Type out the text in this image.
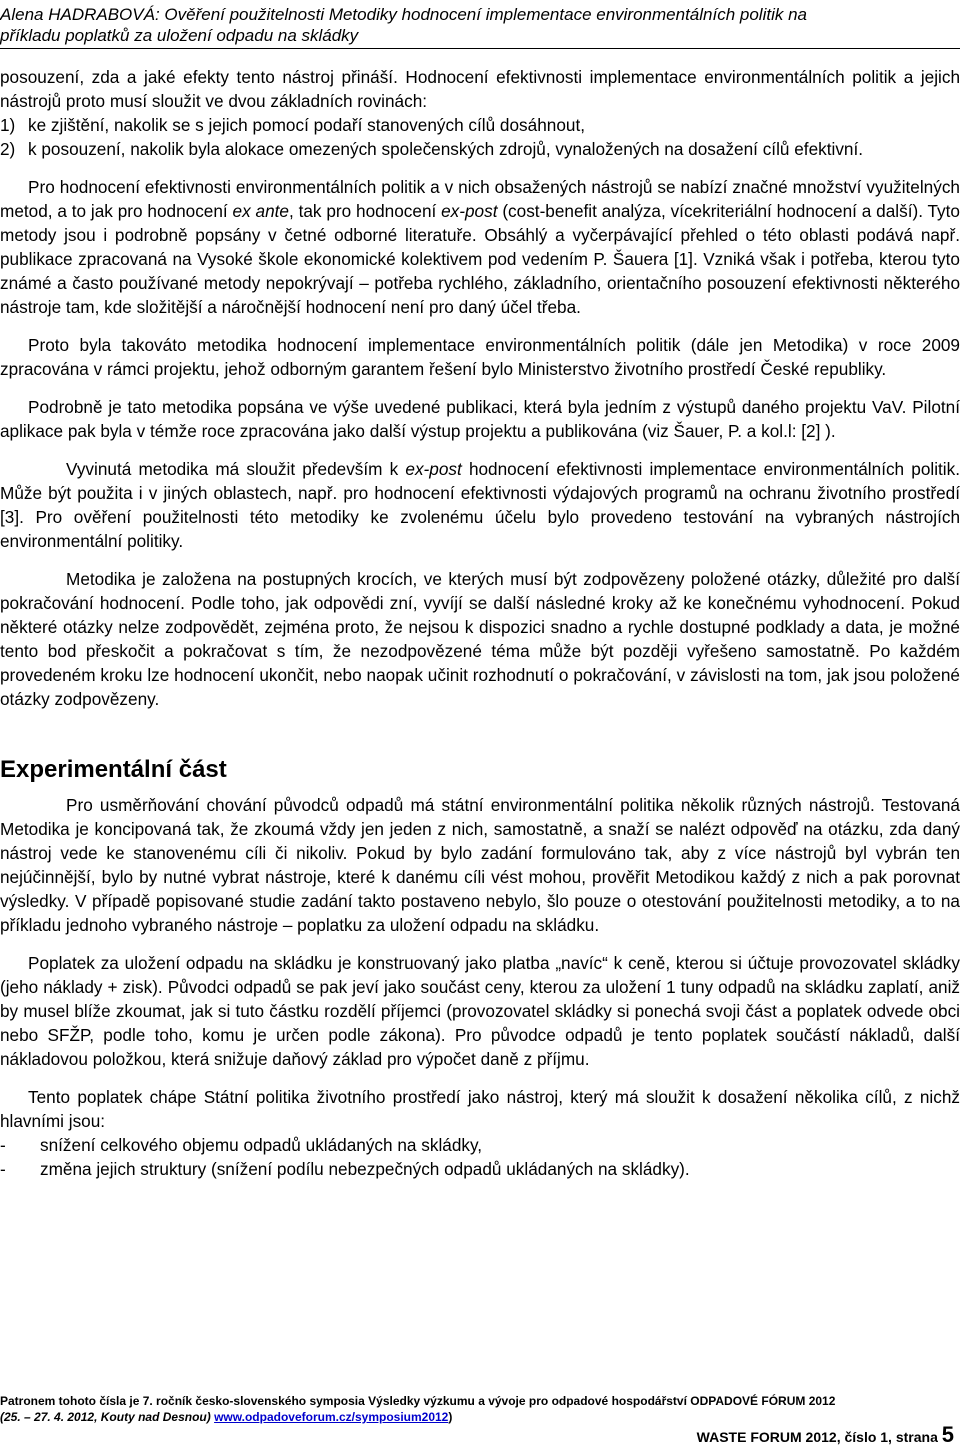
Alena HADRABOVÁ: Ověření použitelnosti Metodiky hodnocení implementace environmentálních politik na
příkladu poplatků za uložení odpadu na skládky

posouzení, zda a jaké efekty tento nástroj přináší. Hodnocení efektivnosti implementace environmentálních politik a jejich nástrojů proto musí sloužit ve dvou základních rovinách:

1) ke zjištění, nakolik se s jejich pomocí podaří stanovených cílů dosáhnout,
2) k posouzení, nakolik byla alokace omezených společenských zdrojů, vynaložených na dosažení cílů efektivní.

Pro hodnocení efektivnosti environmentálních politik a v nich obsažených nástrojů se nabízí značné množství využitelných metod, a to jak pro hodnocení ex ante, tak pro hodnocení ex-post (cost-benefit analýza, vícekriteriální hodnocení a další). Tyto metody jsou i podrobně popsány v četné odborné literatuře. Obsáhlý a vyčerpávající přehled o této oblasti podává např. publikace zpracovaná na Vysoké škole ekonomické kolektivem pod vedením P. Šauera [1]. Vzniká však i potřeba, kterou tyto známé a často používané metody nepokrývají – potřeba rychlého, základního, orientačního posouzení efektivnosti některého nástroje tam, kde složitější a náročnější hodnocení není pro daný účel třeba.

Proto byla takováto metodika hodnocení implementace environmentálních politik (dále jen Metodika) v roce 2009 zpracována v rámci projektu, jehož odborným garantem řešení bylo Ministerstvo životního prostředí České republiky.

Podrobně je tato metodika popsána ve výše uvedené publikaci, která byla jedním z výstupů daného projektu VaV. Pilotní aplikace pak byla v témže roce zpracována jako další výstup projektu a publikována (viz Šauer, P. a kol.l: [2] ).

Vyvinutá metodika má sloužit především k ex-post hodnocení efektivnosti implementace environmentálních politik. Může být použita i v jiných oblastech, např. pro hodnocení efektivnosti výdajových programů na ochranu životního prostředí [3]. Pro ověření použitelnosti této metodiky ke zvolenému účelu bylo provedeno testování na vybraných nástrojích environmentální politiky.

Metodika je založena na postupných krocích, ve kterých musí být zodpovězeny položené otázky, důležité pro další pokračování hodnocení. Podle toho, jak odpovědi zní, vyvíjí se další následné kroky až ke konečnému vyhodnocení. Pokud některé otázky nelze zodpovědět, zejména proto, že nejsou k dispozici snadno a rychle dostupné podklady a data, je možné tento bod přeskočit a pokračovat s tím, že nezodpovězené téma může být později vyřešeno samostatně. Po každém provedeném kroku lze hodnocení ukončit, nebo naopak učinit rozhodnutí o pokračování, v závislosti na tom, jak jsou položené otázky zodpovězeny.

Experimentální část

Pro usměrňování chování původců odpadů má státní environmentální politika několik různých nástrojů. Testovaná Metodika je koncipovaná tak, že zkoumá vždy jen jeden z nich, samostatně, a snaží se nalézt odpověď na otázku, zda daný nástroj vede ke stanovenému cíli či nikoliv. Pokud by bylo zadání formulováno tak, aby z více nástrojů byl vybrán ten nejúčinnější, bylo by nutné vybrat nástroje, které k danému cíli vést mohou, prověřit Metodikou každý z nich a pak porovnat výsledky. V případě popisované studie zadání takto postaveno nebylo, šlo pouze o otestování použitelnosti metodiky, a to na příkladu jednoho vybraného nástroje – poplatku za uložení odpadu na skládku.

Poplatek za uložení odpadu na skládku je konstruovaný jako platba „navíc“ k ceně, kterou si účtuje provozovatel skládky (jeho náklady + zisk). Původci odpadů se pak jeví jako součást ceny, kterou za uložení 1 tuny odpadů na skládku zaplatí, aniž by musel blíže zkoumat, jak si tuto částku rozdělí příjemci (provozovatel skládky si ponechá svoji část a poplatek odvede obci nebo SFŽP, podle toho, komu je určen podle zákona). Pro původce odpadů je tento poplatek součástí nákladů, další nákladovou položkou, která snižuje daňový základ pro výpočet daně z příjmu.

Tento poplatek chápe Státní politika životního prostředí jako nástroj, který má sloužit k dosažení několika cílů, z nichž hlavními jsou:

-	snížení celkového objemu odpadů ukládaných na skládky,
-	změna jejich struktury (snížení podílu nebezpečných odpadů ukládaných na skládky).
Patronem tohoto čísla je 7. ročník česko-slovenského symposia Výsledky výzkumu a vývoje pro odpadové hospodářství ODPADOVÉ FÓRUM 2012
(25. – 27. 4. 2012, Kouty nad Desnou) www.odpadoveforum.cz/symposium2012)
WASTE FORUM 2012, číslo 1, strana 5
